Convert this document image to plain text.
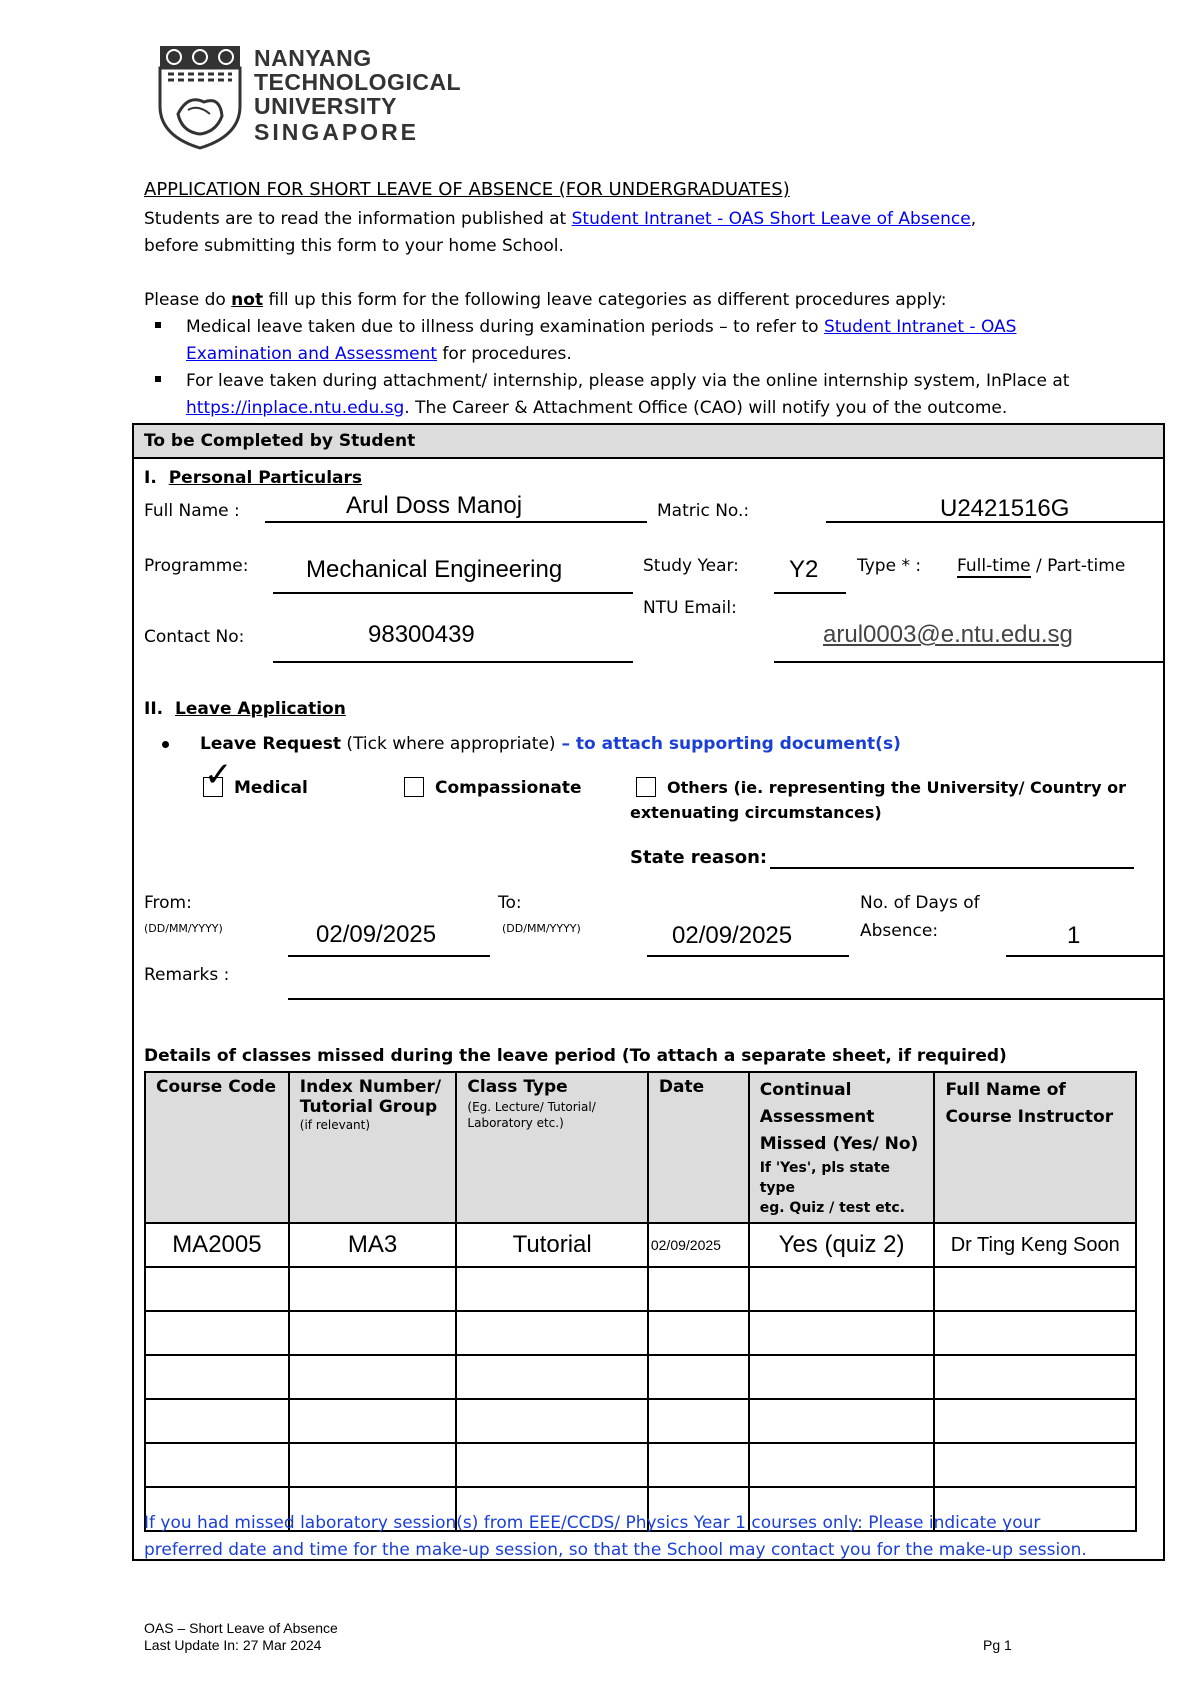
NANYANG
TECHNOLOGICAL
UNIVERSITY
SINGAPORE
APPLICATION FOR SHORT LEAVE OF ABSENCE (FOR UNDERGRADUATES)
Students are to read the information published at Student Intranet - OAS Short Leave of Absence,
before submitting this form to your home School.
Please do not fill up this form for the following leave categories as different procedures apply:
Medical leave taken due to illness during examination periods – to refer to Student Intranet - OAS
Examination and Assessment for procedures.
For leave taken during attachment/ internship, please apply via the online internship system, InPlace at
https://inplace.ntu.edu.sg. The Career & Attachment Office (CAO) will notify you of the outcome.
To be Completed by Student
I. Personal Particulars
Full Name :	Arul Doss Manoj	Matric No.:	U2421516G
Programme: Mechanical Engineering	Study Year: Y2 Type * : Full-time / Part-time
NTU Email:
arul0003@e.ntu.edu.sg
Contact No:	98300439
II. Leave Application
Leave Request (Tick where appropriate) – to attach supporting document(s)
✓ Medical	Compassionate	Others (ie. representing the University/ Country or
extenuating circumstances)
State reason:
From:
(DD/MM/YYYY)	02/09/2025
To:
(DD/MM/YYYY)	02/09/2025
No. of Days of
Absence:	1
Remarks :
Details of classes missed during the leave period (To attach a separate sheet, if required)
Course Code	Index Number/
Tutorial Group
(if relevant)	Class Type
(Eg. Lecture/ Tutorial/
Laboratory etc.)	Date	Continual
Assessment
Missed (Yes/ No)
If 'Yes', pls state type
eg. Quiz / test etc.	Full Name of
Course Instructor
MA2005	MA3	Tutorial	02/09/2025	Yes (quiz 2)	Dr Ting Keng Soon

If you had missed laboratory session(s) from EEE/CCDS/ Physics Year 1 courses only: Please indicate your
preferred date and time for the make-up session, so that the School may contact you for the make-up session.
OAS – Short Leave of Absence
Last Update In: 27 Mar 2024	Pg 1
